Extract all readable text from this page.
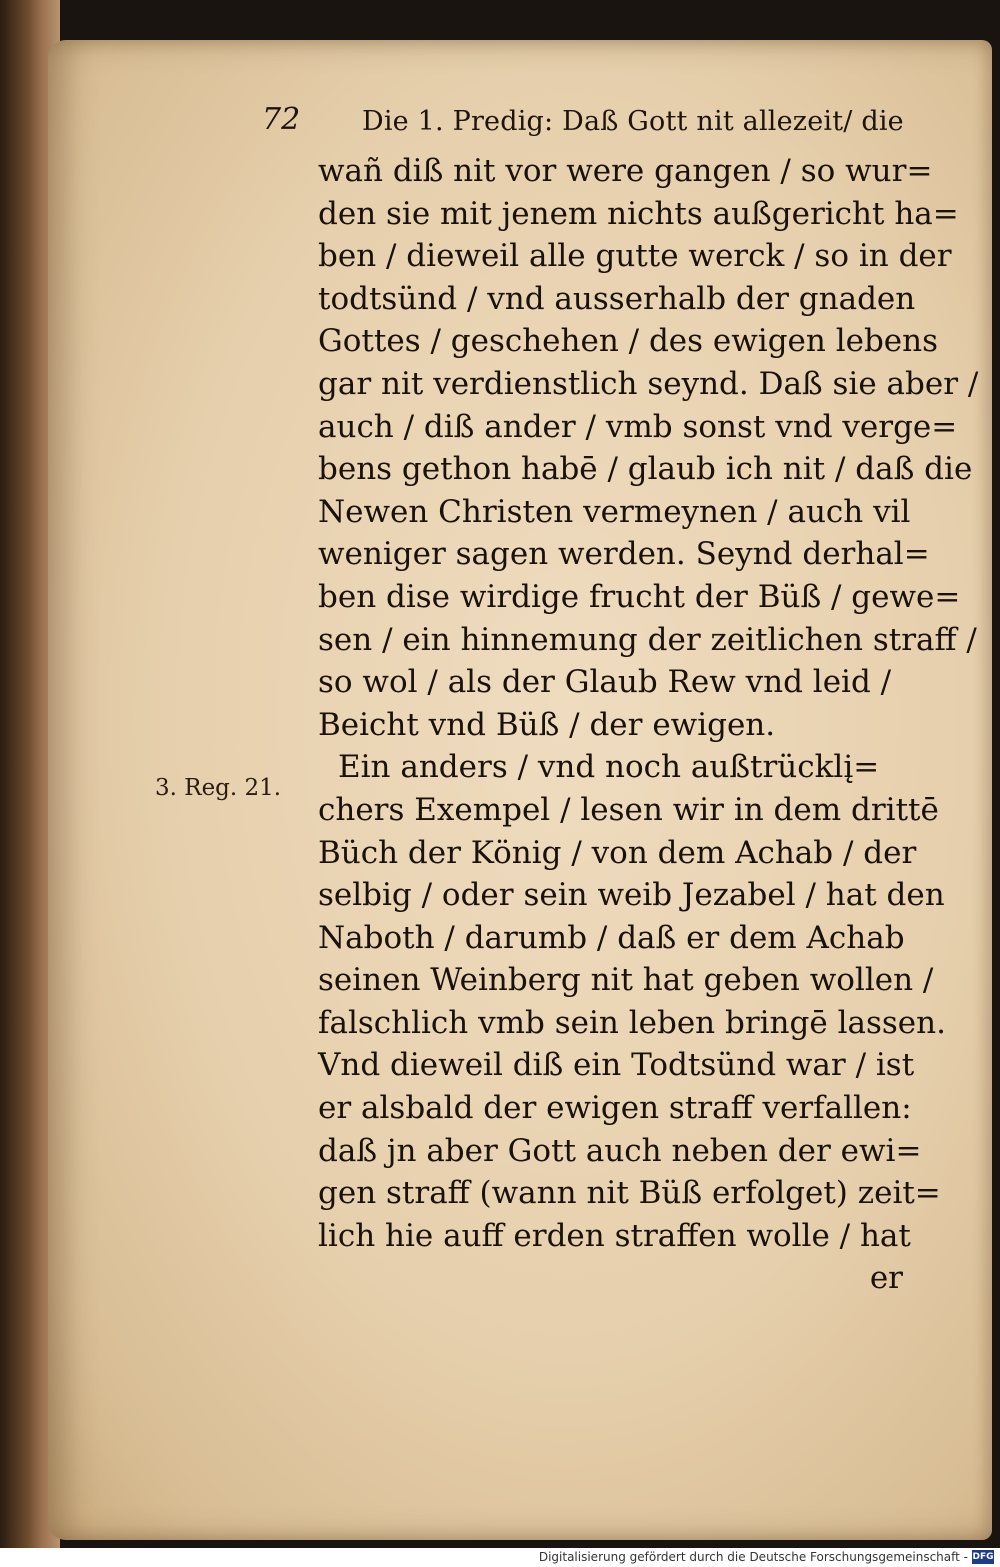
72 Die 1. Predig: Daß Gott nit allezeit/ die
3. Reg. 21.
wañ diß nit vor were gangen / so wur=
den sie mit jenem nichts außgericht ha=
ben / dieweil alle gutte werck / so in der
todtsünd / vnd ausserhalb der gnaden
Gottes / geschehen / des ewigen lebens
gar nit verdienstlich seynd. Daß sie aber /
auch / diß ander / vmb sonst vnd verge=
bens gethon habē / glaub ich nit / daß die
Newen Christen vermeynen / auch vil
weniger sagen werden. Seynd derhal=
ben dise wirdige frucht der Büß / gewe=
sen / ein hinnemung der zeitlichen straff /
so wol / als der Glaub Rew vnd leid /
Beicht vnd Büß / der ewigen.
Ein anders / vnd noch außtrücklį=
chers Exempel / lesen wir in dem drittē
Büch der König / von dem Achab / der
selbig / oder sein weib Jezabel / hat den
Naboth / darumb / daß er dem Achab
seinen Weinberg nit hat geben wollen /
falschlich vmb sein leben bringē lassen.
Vnd dieweil diß ein Todtsünd war / ist
er alsbald der ewigen straff verfallen:
daß jn aber Gott auch neben der ewi=
gen straff (wann nit Büß erfolget) zeit=
lich hie auff erden straffen wolle / hat
er
Digitalisierung gefördert durch die Deutsche Forschungsgemeinschaft - DFG
